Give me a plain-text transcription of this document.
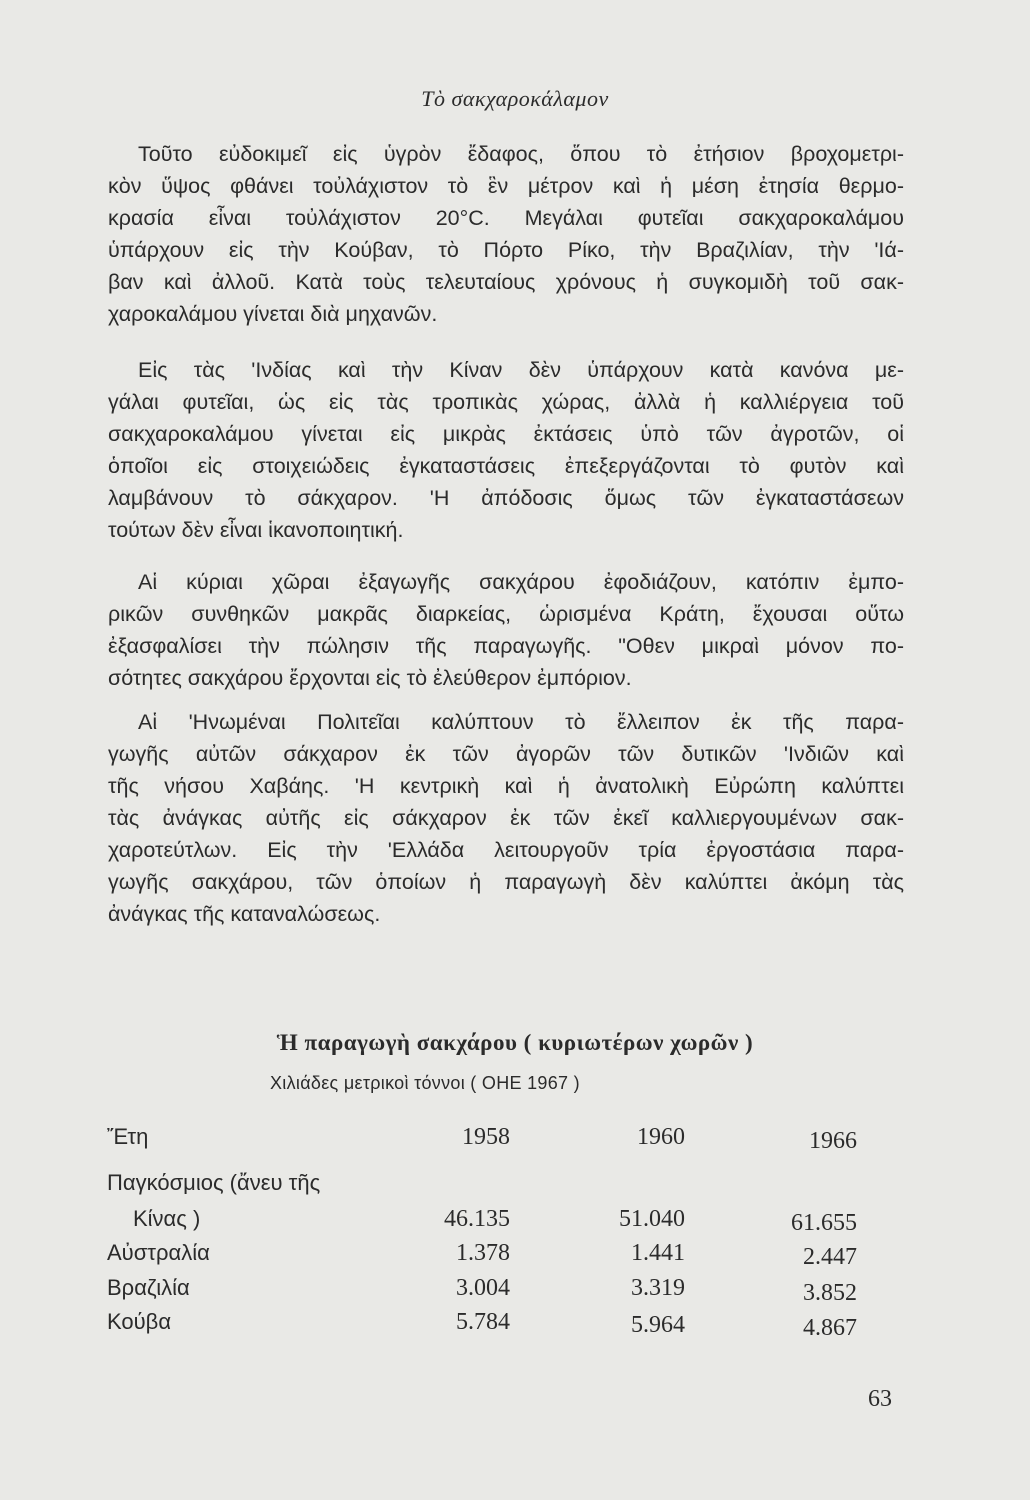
Τὸ σακχαροκάλαμον

Τοῦτο εὐδοκιμεῖ εἰς ὑγρὸν ἔδαφος, ὅπου τὸ ἐτήσιον βροχομετρι-
κὸν ὕψος φθάνει τοὐλάχιστον τὸ ἓν μέτρον καὶ ἡ μέση ἐτησία θερμο-
κρασία εἶναι τοὐλάχιστον 20°C. Μεγάλαι φυτεῖαι σακχαροκαλάμου
ὑπάρχουν εἰς τὴν Κούβαν, τὸ Πόρτο Ρίκο, τὴν Βραζιλίαν, τὴν 'Ιά-
βαν καὶ ἀλλοῦ. Κατὰ τοὺς τελευταίους χρόνους ἡ συγκομιδὴ τοῦ σακ-
χαροκαλάμου γίνεται διὰ μηχανῶν.

Εἰς τὰς 'Ινδίας καὶ τὴν Κίναν δὲν ὑπάρχουν κατὰ κανόνα με-
γάλαι φυτεῖαι, ὡς εἰς τὰς τροπικὰς χώρας, ἀλλὰ ἡ καλλιέργεια τοῦ
σακχαροκαλάμου γίνεται εἰς μικρὰς ἐκτάσεις ὑπὸ τῶν ἀγροτῶν, οἱ
ὁποῖοι εἰς στοιχειώδεις ἐγκαταστάσεις ἐπεξεργάζονται τὸ φυτὸν καὶ
λαμβάνουν τὸ σάκχαρον. 'Η ἀπόδοσις ὅμως τῶν ἐγκαταστάσεων
τούτων δὲν εἶναι ἱκανοποιητική.

Αἱ κύριαι χῶραι ἐξαγωγῆς σακχάρου ἐφοδιάζουν, κατόπιν ἐμπο-
ρικῶν συνθηκῶν μακρᾶς διαρκείας, ὡρισμένα Κράτη, ἔχουσαι οὕτω
ἐξασφαλίσει τὴν πώλησιν τῆς παραγωγῆς. "Οθεν μικραὶ μόνον πο-
σότητες σακχάρου ἔρχονται εἰς τὸ ἐλεύθερον ἐμπόριον.

Αἱ 'Ηνωμέναι Πολιτεῖαι καλύπτουν τὸ ἔλλειπον ἐκ τῆς παρα-
γωγῆς αὐτῶν σάκχαρον ἐκ τῶν ἀγορῶν τῶν δυτικῶν 'Ινδιῶν καὶ
τῆς νήσου Χαβάης. 'Η κεντρικὴ καὶ ἡ ἀνατολικὴ Εὐρώπη καλύπτει
τὰς ἀνάγκας αὐτῆς εἰς σάκχαρον ἐκ τῶν ἐκεῖ καλλιεργουμένων σακ-
χαροτεύτλων. Εἰς τὴν 'Ελλάδα λειτουργοῦν τρία ἐργοστάσια παρα-
γωγῆς σακχάρου, τῶν ὁποίων ἡ παραγωγὴ δὲν καλύπτει ἀκόμη τὰς
ἀνάγκας τῆς καταναλώσεως.

Ἡ παραγωγὴ σακχάρου ( κυριωτέρων χωρῶν )
Χιλιάδες μετρικοὶ τόννοι ( ΟΗΕ 1967 )
Ἔτη	1958	1960	1966
Παγκόσμιος (ἄνευ τῆς
Κίνας )	46.135	51.040	61.655
Αὐστραλία	1.378	1.441	2.447
Βραζιλία	3.004	3.319	3.852
Κούβα	5.784	5.964	4.867
63
